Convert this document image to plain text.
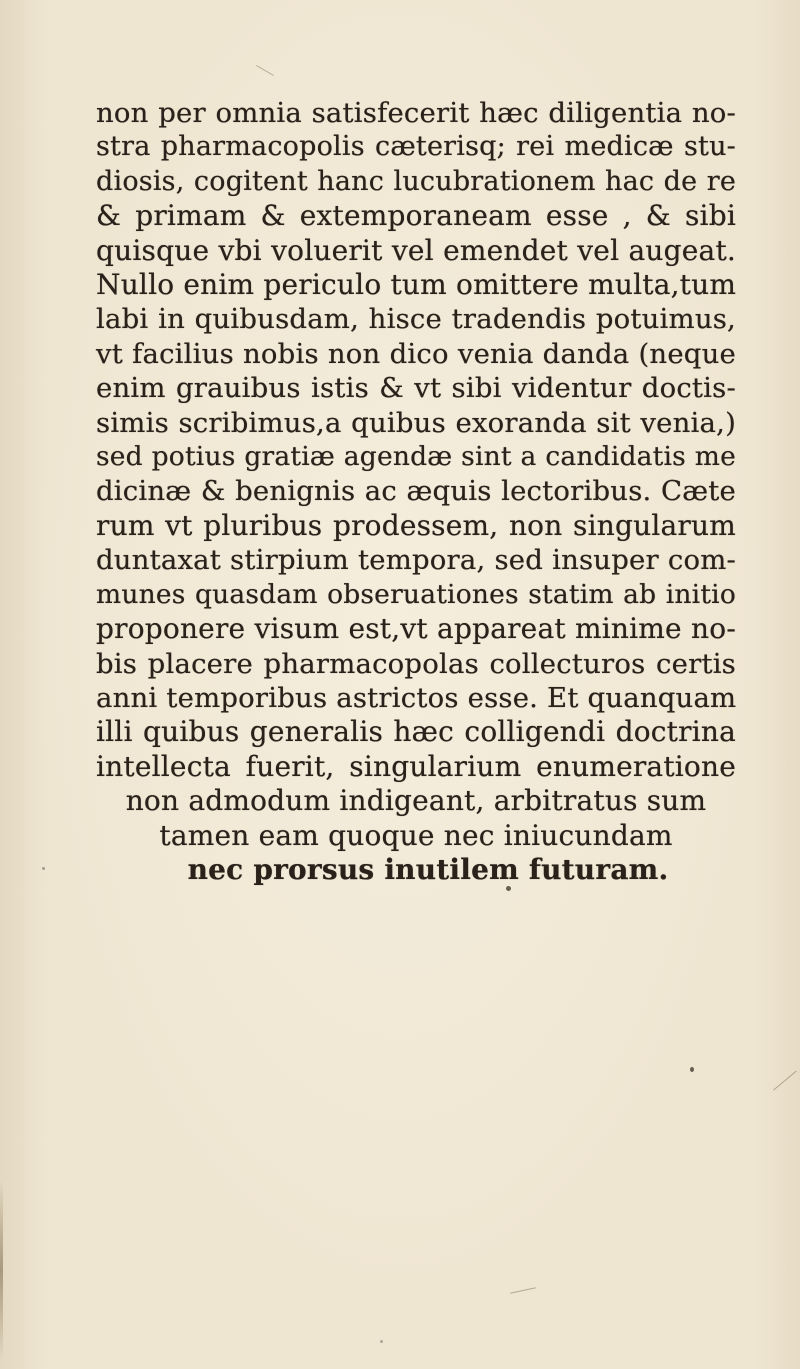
non per omnia satisfecerit hæc diligentia no-
stra pharmacopolis cæterisq; rei medicæ stu-
diosis, cogitent hanc lucubrationem hac de re
& primam & extemporaneam esse , & sibi
quisque vbi voluerit vel emendet vel augeat.
Nullo enim periculo tum omittere multa,tum
labi in quibusdam, hisce tradendis potuimus,
vt facilius nobis non dico venia danda (neque
enim grauibus istis & vt sibi videntur doctis-
simis scribimus,a quibus exoranda sit venia,)
sed potius gratiæ agendæ sint a candidatis me
dicinæ & benignis ac æquis lectoribus. Cæte
rum vt pluribus prodessem, non singularum
duntaxat stirpium tempora, sed insuper com-
munes quasdam obseruationes statim ab initio
proponere visum est,vt appareat minime no-
bis placere pharmacopolas collecturos certis
anni temporibus astrictos esse. Et quanquam
illi quibus generalis hæc colligendi doctrina
intellecta fuerit, singularium enumeratione
non admodum indigeant, arbitratus sum
tamen eam quoque nec iniucundam
nec prorsus inutilem futuram.
